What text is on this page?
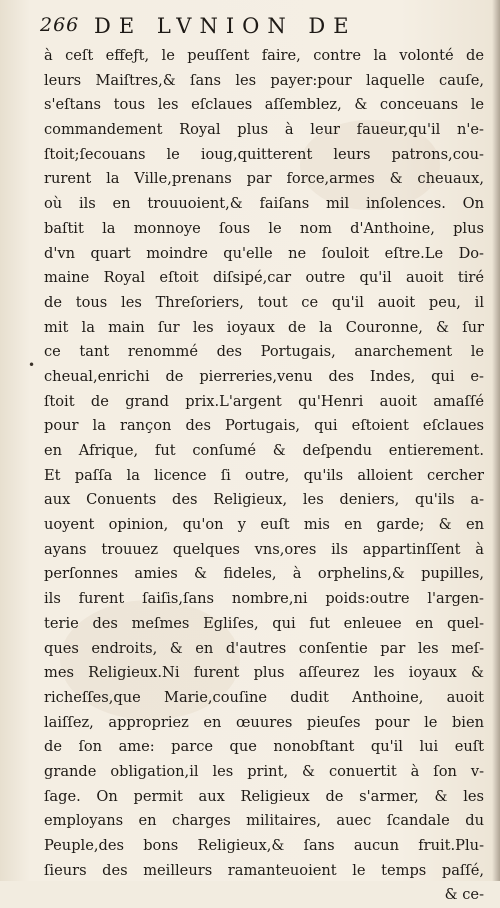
266 DE LVNION DE
•
à ceſt effeƒt, le peuſſent faire, contre la volonté de
leurs Maiſtres,& ſans les payer:pour laquelle cauſe,
s'eſtans tous les eſclaues aſſemblez, & conceuans le
commandement Royal plus à leur faueur,qu'il n'e-
ſtoit;ſecouans le ioug,quitterent leurs patrons,cou-
rurent la Ville,prenans par force,armes & cheuaux,
où ils en trouuoient,& faiſans mil inſolences. On
baſtit la monnoye ſous le nom d'Anthoine, plus
d'vn quart moindre qu'elle ne ſouloit eſtre.Le Do-
maine Royal eſtoit diſsipé,car outre qu'il auoit tiré
de tous les Threſoriers, tout ce qu'il auoit peu, il
mit la main ſur les ioyaux de la Couronne, & ſur
ce tant renommé des Portugais, anarchement le
cheual,enrichi de pierreries,venu des Indes, qui e-
ſtoit de grand prix.L'argent qu'Henri auoit amaſſé
pour la rançon des Portugais, qui eſtoient eſclaues
en Afrique, fut conſumé & deſpendu entierement.
Et paſſa la licence ſi outre, qu'ils alloient cercher
aux Conuents des Religieux, les deniers, qu'ils a-
uoyent opinion, qu'on y euſt mis en garde; & en
ayans trouuez quelques vns,ores ils appartinſſent à
perſonnes amies & fideles, à orphelins,& pupilles,
ils furent ſaiſis,ſans nombre,ni poids:outre l'argen-
terie des meſmes Egliſes, qui fut enleuee en quel-
ques endroits, & en d'autres conſentie par les meſ-
mes Religieux.Ni furent plus aſſeurez les ioyaux &
richeſſes,que Marie,couſine dudit Anthoine, auoit
laiſſez, appropriez en œuures pieuſes pour le bien
de ſon ame: parce que nonobſtant qu'il lui euſt
grande obligation,il les print, & conuertit à ſon v-
ſage. On permit aux Religieux de s'armer, & les
employans en charges militaires, auec ſcandale du
Peuple,des bons Religieux,& ſans aucun fruit.Plu-
ſieurs des meilleurs ramanteuoient le temps paſſé,
& ce-
